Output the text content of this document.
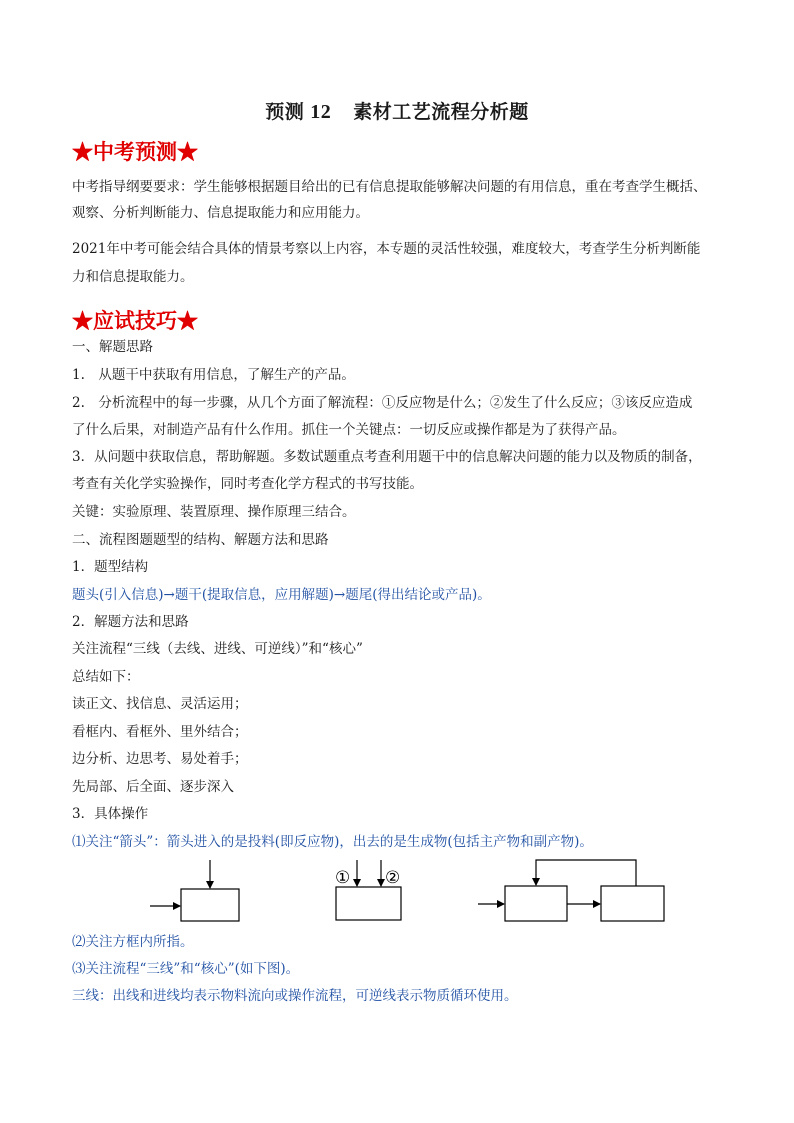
预测 12 素材工艺流程分析题
★中考预测★
中考指导纲要要求：学生能够根据题目给出的已有信息提取能够解决问题的有用信息，重在考查学生概括、
观察、分析判断能力、信息提取能力和应用能力。
2021年中考可能会结合具体的情景考察以上内容，本专题的灵活性较强，难度较大，考查学生分析判断能
力和信息提取能力。
★应试技巧★
一、解题思路
1.　从题干中获取有用信息，了解生产的产品。
2.　分析流程中的每一步骤，从几个方面了解流程：①反应物是什么；②发生了什么反应；③该反应造成
了什么后果，对制造产品有什么作用。抓住一个关键点：一切反应或操作都是为了获得产品。
3．从问题中获取信息，帮助解题。多数试题重点考查利用题干中的信息解决问题的能力以及物质的制备，
考查有关化学实验操作，同时考查化学方程式的书写技能。
关键：实验原理、装置原理、操作原理三结合。
二、流程图题题型的结构、解题方法和思路
1．题型结构
题头(引入信息)→题干(提取信息，应用解题)→题尾(得出结论或产品)。
2．解题方法和思路
关注流程“三线（去线、进线、可逆线）”和“核心”
总结如下：
读正文、找信息、灵活运用；
看框内、看框外、里外结合；
边分析、边思考、易处着手；
先局部、后全面、逐步深入
3．具体操作
⑴关注“箭头”：箭头进入的是投料(即反应物)，出去的是生成物(包括主产物和副产物)。
① ②
⑵关注方框内所指。
⑶关注流程“三线”和“核心”(如下图)。
三线：出线和进线均表示物料流向或操作流程，可逆线表示物质循环使用。
